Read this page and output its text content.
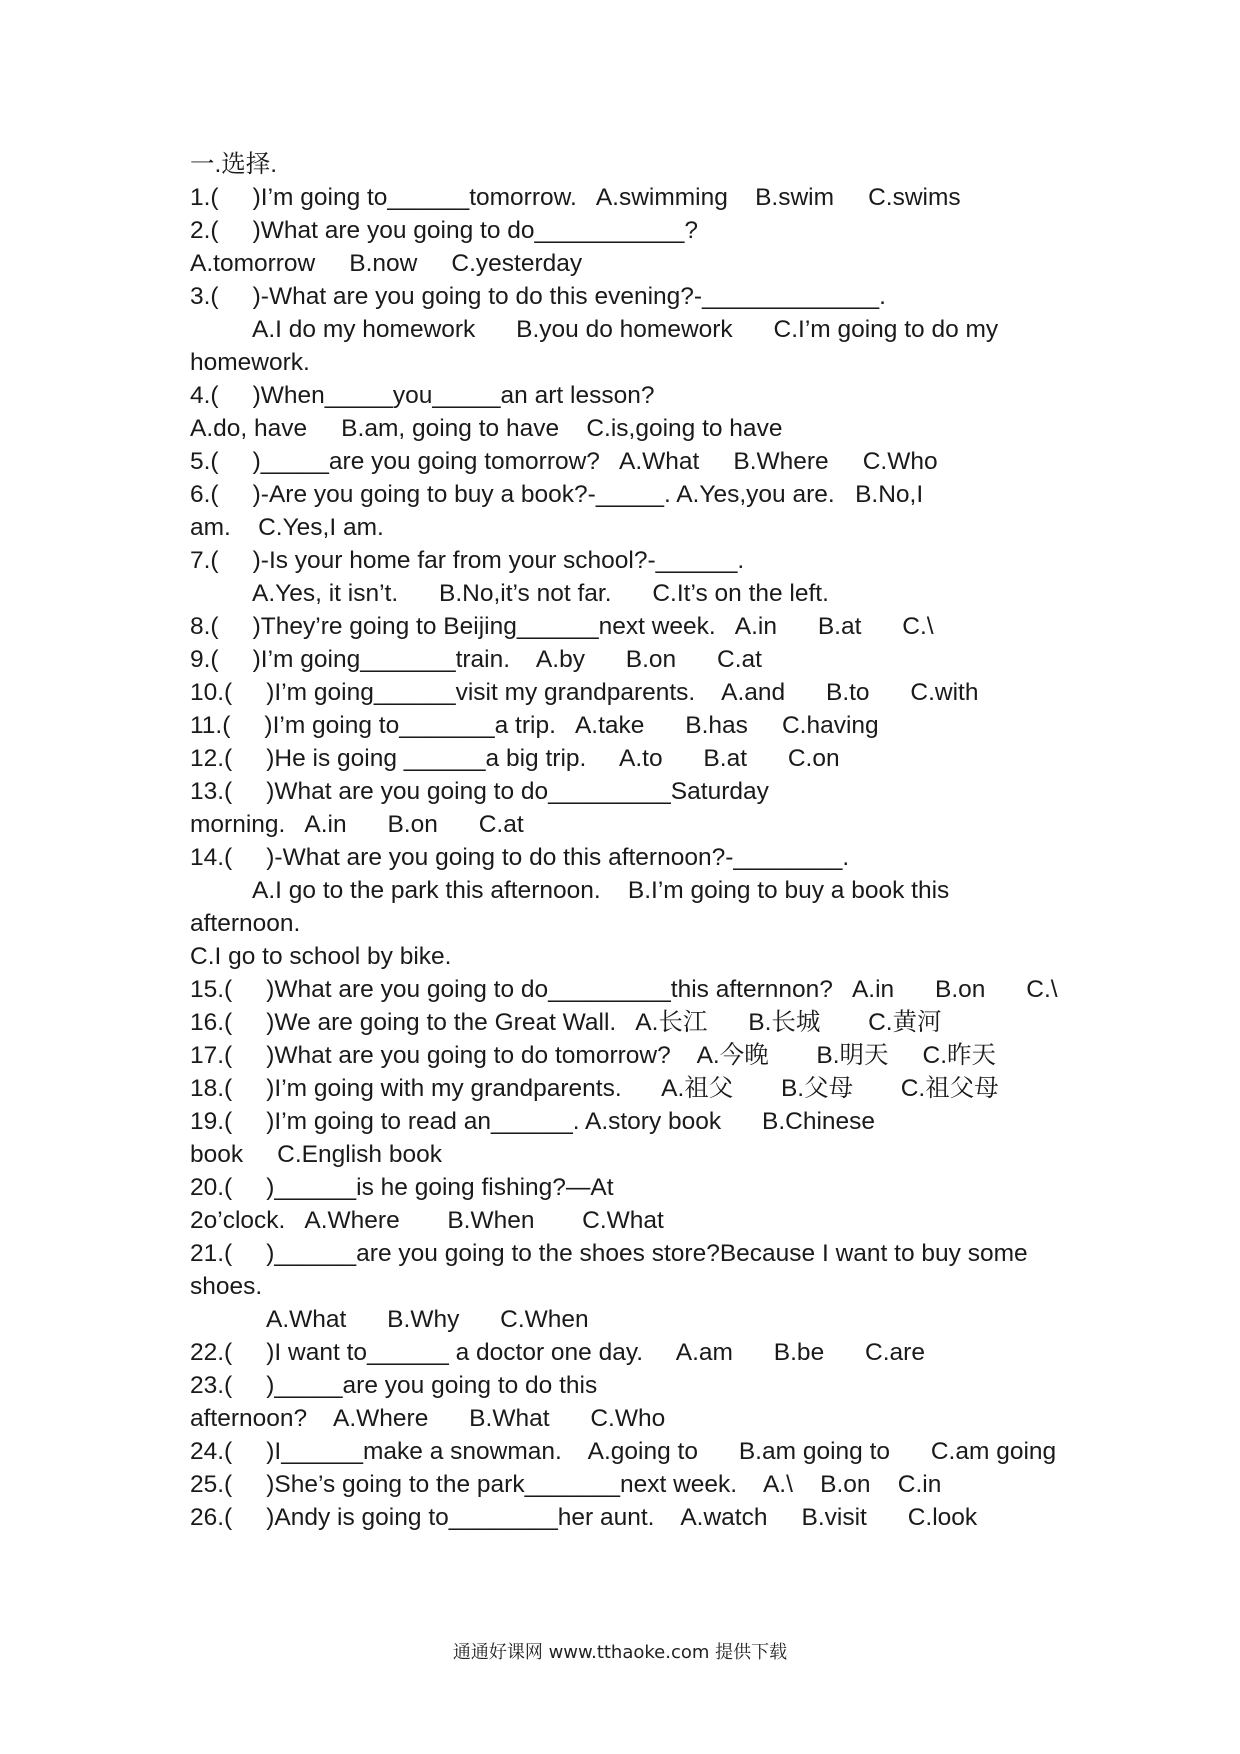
一.选择.
1.(     )I’m going to______tomorrow.   A.swimming    B.swim     C.swims
2.(     )What are you going to do___________?
A.tomorrow     B.now     C.yesterday
3.(     )-What are you going to do this evening?-_____________.
A.I do my homework      B.you do homework      C.I’m going to do my
homework.
4.(     )When_____you_____an art lesson?
A.do, have     B.am, going to have    C.is,going to have
5.(     )_____are you going tomorrow?   A.What     B.Where     C.Who
6.(     )-Are you going to buy a book?-_____. A.Yes,you are.   B.No,I
am.    C.Yes,I am.
7.(     )-Is your home far from your school?-______.
A.Yes, it isn’t.      B.No,it’s not far.      C.It’s on the left.
8.(     )They’re going to Beijing______next week.   A.in      B.at      C.\
9.(     )I’m going_______train.    A.by      B.on      C.at
10.(     )I’m going______visit my grandparents.    A.and      B.to      C.with
11.(     )I’m going to_______a trip.   A.take      B.has     C.having
12.(     )He is going ______a big trip.     A.to      B.at      C.on
13.(     )What are you going to do_________Saturday
morning.   A.in      B.on      C.at
14.(     )-What are you going to do this afternoon?-________.
A.I go to the park this afternoon.    B.I’m going to buy a book this
afternoon.
C.I go to school by bike.
15.(     )What are you going to do_________this afternnon?   A.in      B.on      C.\
16.(     )We are going to the Great Wall.   A.长江      B.长城       C.黄河
17.(     )What are you going to do tomorrow?    A.今晚       B.明天     C.昨天
18.(     )I’m going with my grandparents.      A.祖父       B.父母       C.祖父母
19.(     )I’m going to read an______. A.story book      B.Chinese
book     C.English book
20.(     )______is he going fishing?—At
2o’clock.   A.Where       B.When       C.What
21.(     )______are you going to the shoes store?Because I want to buy some
shoes.
A.What      B.Why      C.When
22.(     )I want to______ a doctor one day.     A.am      B.be      C.are
23.(     )_____are you going to do this
afternoon?    A.Where      B.What      C.Who
24.(     )I______make a snowman.    A.going to      B.am going to      C.am going
25.(     )She’s going to the park_______next week.    A.\    B.on    C.in
26.(     )Andy is going to________her aunt.    A.watch     B.visit      C.look
通通好课网 www.tthaoke.com 提供下载
